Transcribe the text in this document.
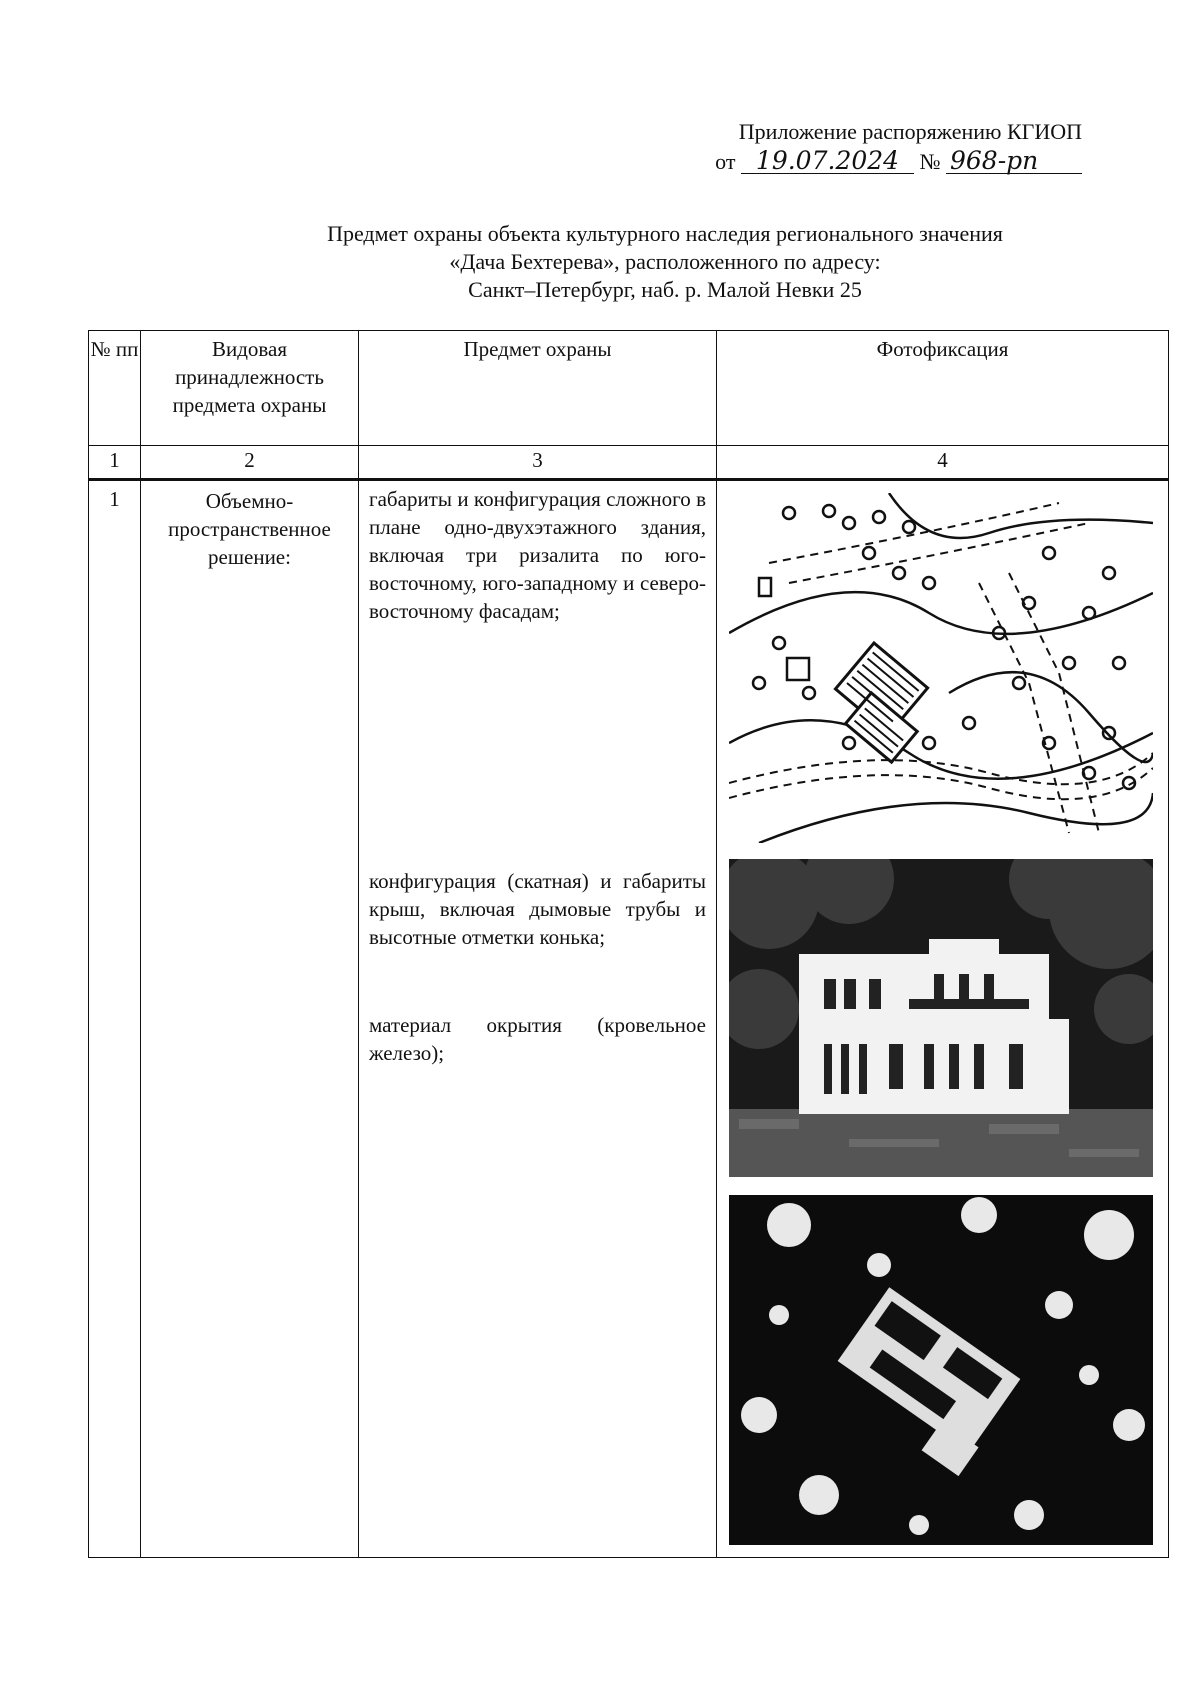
Приложение распоряжению КГИОП
от 19.07.2024 № 968-рп
Предмет охраны объекта культурного наследия регионального значения
«Дача Бехтерева», расположенного по адресу:
Санкт–Петербург, наб. р. Малой Невки 25
№ пп	Видовая принадлежность предмета охраны	Предмет охраны	Фотофиксация
1	2	3	4
1	Объемно-пространственное решение:	габариты и конфигурация сложного в плане одно-двухэтажного здания, включая три ризалита по юго-восточному, юго-западному и северо-восточному фасадам;

конфигурация (скатная) и габариты крыш, включая дымовые трубы и высотные отметки конька;

материал окрытия (кровельное железо);
